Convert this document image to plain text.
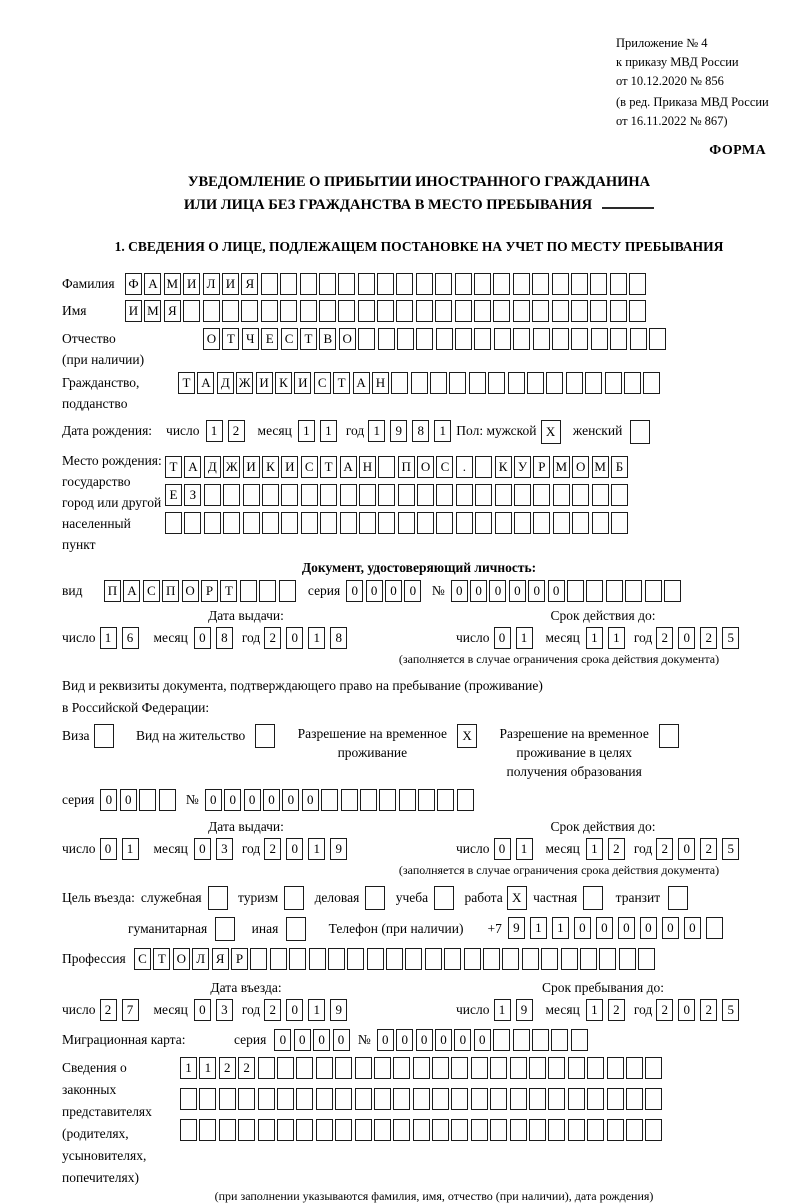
Приложение № 4
к приказу МВД России
от 10.12.2020 № 856
(в ред. Приказа МВД России
от 16.11.2022 № 867)
ФОРМА
УВЕДОМЛЕНИЕ О ПРИБЫТИИ ИНОСТРАННОГО ГРАЖДАНИНА
ИЛИ ЛИЦА БЕЗ ГРАЖДАНСТВА В МЕСТО ПРЕБЫВАНИЯ
1. СВЕДЕНИЯ О ЛИЦЕ, ПОДЛЕЖАЩЕМ ПОСТАНОВКЕ НА УЧЕТ ПО МЕСТУ ПРЕБЫВАНИЯ
Фамилия	Ф А М И Л И Я
Имя	И М Я
Отчество
(при наличии)
О Т Ч Е С Т В О
Гражданство,
подданство
Т А Д Ж И К И С Т А Н
Дата рождения: число 1	2	месяц 1	1	год 1	9	8	1 Пол: мужской X	женский
Место рождения:
государство
город или другой
населенный пункт
Т А Д Ж И К И С Т А Н П О С	.	К У Р М О М Б
Е З
Документ, удостоверяющий личность:
вид	П А С П О Р Т	серия 0 0 0 0	№ 0 0 0 0 0 0
Дата выдачи:
число 1	6	месяц 0	8	год 2	0	1	8
Срок действия до:
число 0	1	месяц 1	1	год 2	0	2	5
(заполняется в случае ограничения срока действия документа)
Вид и реквизиты документа, подтверждающего право на пребывание (проживание)
в Российской Федерации:
Виза	Вид на жительство	Разрешение на временное
проживание
X	Разрешение на временное
проживание в целях
получения образования
серия 0 0	№ 0 0 0 0 0 0
Дата выдачи:
число 0	1	месяц 0	3	год 2	0	1	9
Срок действия до:
число 0	1	месяц 1	2	год 2	0	2	5
(заполняется в случае ограничения срока действия документа)
Цель въезда: служебная	туризм	деловая	учеба	работа X частная	транзит
гуманитарная	иная	Телефон (при наличии) +7 9	1	1	0	0	0	0	0	0
Профессия С Т О Л Я Р
Дата въезда:
число 2	7	месяц 0	3	год 2	0	1	9
Срок пребывания до:
число 1	9	месяц 1	2	год 2	0	2	5
Миграционная карта:	серия	0 0 0 0	№ 0 0 0 0 0 0
Сведения о
законных
представителях
(родителях,
усыновителях,
попечителях)
1 1 2 2
(при заполнении указываются фамилия, имя, отчество (при наличии), дата рождения)
